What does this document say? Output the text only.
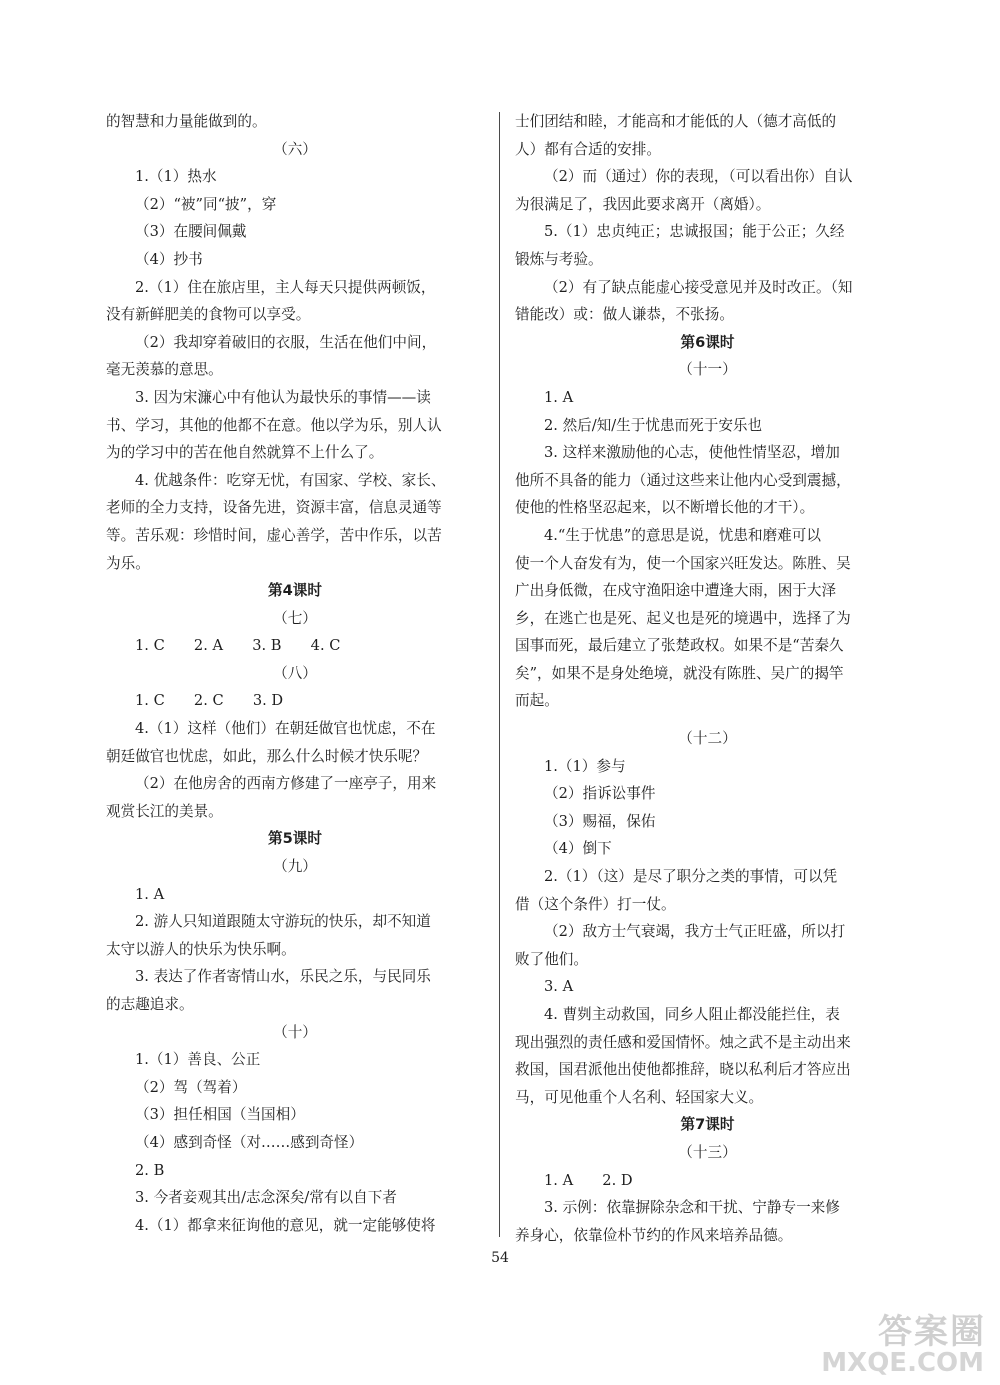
的智慧和力量能做到的。
（六）
1.（1）热水
（2）“被”同“披”，穿
（3）在腰间佩戴
（4）抄书
2.（1）住在旅店里，主人每天只提供两顿饭，
没有新鲜肥美的食物可以享受。
（2）我却穿着破旧的衣服，生活在他们中间，
毫无羡慕的意思。
3. 因为宋濂心中有他认为最快乐的事情——读
书、学习，其他的他都不在意。他以学为乐，别人认
为的学习中的苦在他自然就算不上什么了。
4. 优越条件：吃穿无忧，有国家、学校、家长、
老师的全力支持，设备先进，资源丰富，信息灵通等
等。苦乐观：珍惜时间，虚心善学，苦中作乐，以苦
为乐。
第4课时
（七）
1. C　　2. A　　3. B　　4. C
（八）
1. C　　2. C　　3. D
4.（1）这样（他们）在朝廷做官也忧虑，不在
朝廷做官也忧虑，如此，那么什么时候才快乐呢？
（2）在他房舍的西南方修建了一座亭子，用来
观赏长江的美景。
第5课时
（九）
1. A
2. 游人只知道跟随太守游玩的快乐，却不知道
太守以游人的快乐为快乐啊。
3. 表达了作者寄情山水，乐民之乐，与民同乐
的志趣追求。
（十）
1.（1）善良、公正
（2）驾（驾着）
（3）担任相国（当国相）
（4）感到奇怪（对……感到奇怪）
2. B
3. 今者妾观其出/志念深矣/常有以自下者
4.（1）都拿来征询他的意见，就一定能够使将
士们团结和睦，才能高和才能低的人（德才高低的
人）都有合适的安排。
（2）而（通过）你的表现，（可以看出你）自认
为很满足了，我因此要求离开（离婚）。
5.（1）忠贞纯正；忠诚报国；能于公正；久经
锻炼与考验。
（2）有了缺点能虚心接受意见并及时改正。（知
错能改）或：做人谦恭，不张扬。
第6课时
（十一）
1. A
2. 然后/知/生于忧患而死于安乐也
3. 这样来激励他的心志，使他性情坚忍，增加
他所不具备的能力（通过这些来让他内心受到震撼，
使他的性格坚忍起来，以不断增长他的才干）。
4.“生于忧患”的意思是说，忧患和磨难可以
使一个人奋发有为，使一个国家兴旺发达。陈胜、吴
广出身低微，在戍守渔阳途中遭逢大雨，困于大泽
乡，在逃亡也是死、起义也是死的境遇中，选择了为
国事而死，最后建立了张楚政权。如果不是“苦秦久
矣”，如果不是身处绝境，就没有陈胜、吴广的揭竿
而起。
（十二）
1.（1）参与
（2）指诉讼事件
（3）赐福，保佑
（4）倒下
2.（1）（这）是尽了职分之类的事情，可以凭
借（这个条件）打一仗。
（2）敌方士气衰竭，我方士气正旺盛，所以打
败了他们。
3. A
4. 曹刿主动救国，同乡人阻止都没能拦住，表
现出强烈的责任感和爱国情怀。烛之武不是主动出来
救国，国君派他出使他都推辞，晓以私利后才答应出
马，可见他重个人名利、轻国家大义。
第7课时
（十三）
1. A　　2. D
3. 示例：依靠摒除杂念和干扰、宁静专一来修
养身心，依靠俭朴节约的作风来培养品德。
54
答案圈
MXQE.COM
